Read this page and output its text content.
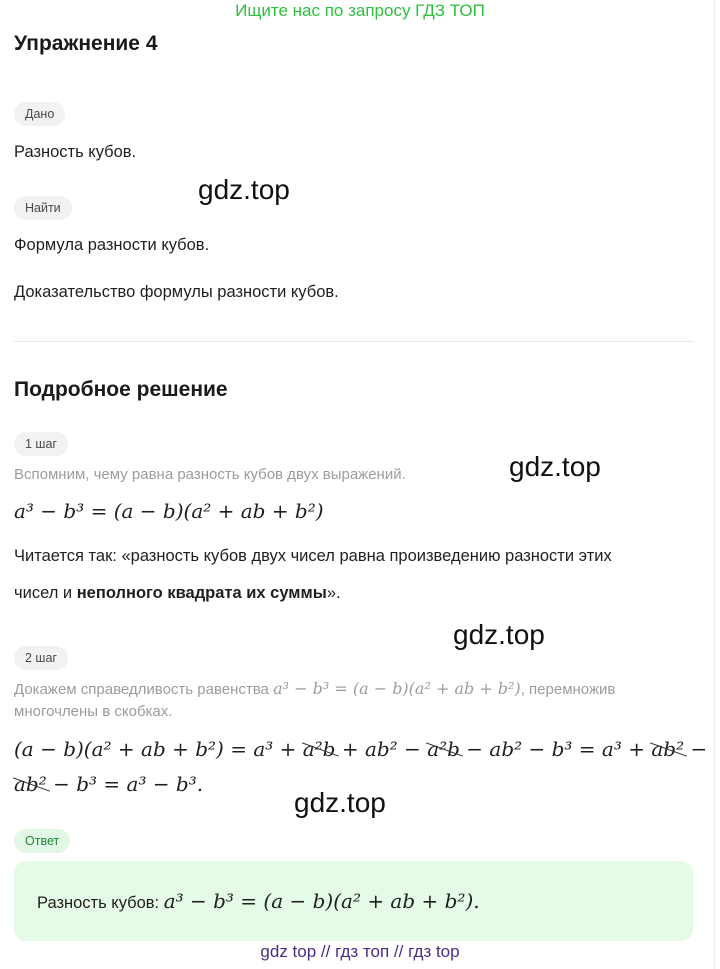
Ищите нас по запросу ГДЗ ТОП
Упражнение 4
Дано
Разность кубов.
Найти
Формула разности кубов.
Доказательство формулы разности кубов.
gdz.top
Подробное решение
1 шаг
Вспомним, чему равна разность кубов двух выражений.	gdz.top
a³ − b³ = (a − b)(a² + ab + b²)
Читается так: «разность кубов двух чисел равна произведению разности этих
чисел и неполного квадрата их суммы».
gdz.top
2 шаг
Докажем справедливость равенства a³ − b³ = (a − b)(a² + ab + b²), перемножив
многочлены в скобках.
(a − b)(a² + ab + b²) = a³ + a²b + ab² − a²b − ab² − b³ = a³ + ab² −
ab² − b³ = a³ − b³.
gdz.top
Ответ
Разность кубов: a³ − b³ = (a − b)(a² + ab + b²).
gdz top // гдз топ // гдз top
